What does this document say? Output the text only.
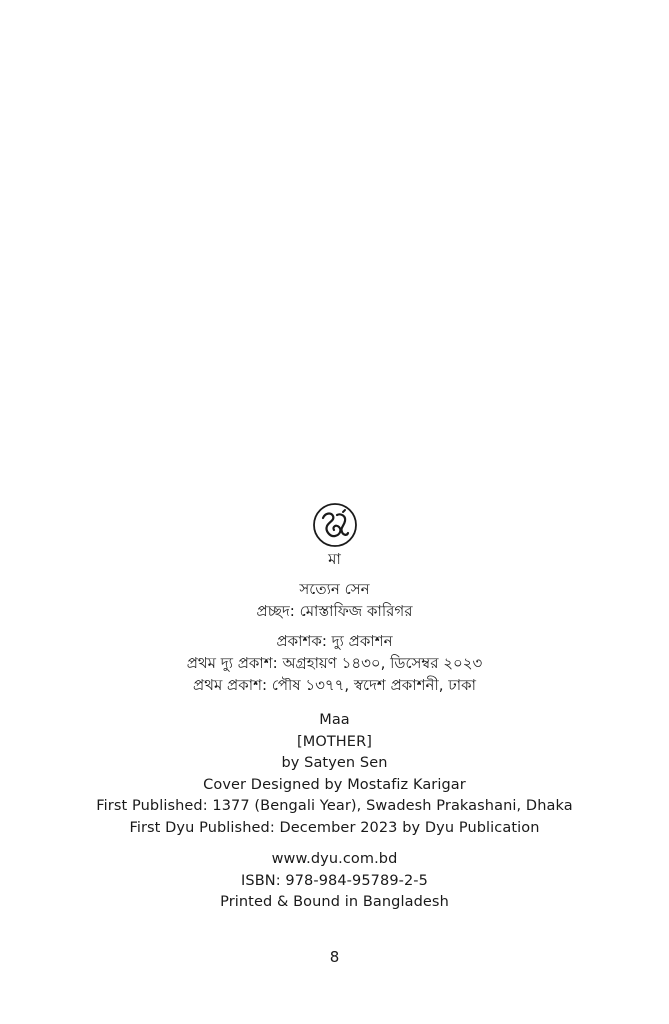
মা

সত্যেন সেন

প্রচ্ছদ: মোস্তাফিজ কারিগর

প্রকাশক: দ্যু প্রকাশন

প্রথম দ্যু প্রকাশ: অগ্রহায়ণ ১৪৩০, ডিসেম্বর ২০২৩

প্রথম প্রকাশ: পৌষ ১৩৭৭, স্বদেশ প্রকাশনী, ঢাকা

Maa

[MOTHER]

by Satyen Sen

Cover Designed by Mostafiz Karigar

First Published: 1377 (Bengali Year), Swadesh Prakashani, Dhaka

First Dyu Published: December 2023 by Dyu Publication

www.dyu.com.bd

ISBN: 978-984-95789-2-5

Printed & Bound in Bangladesh

8
